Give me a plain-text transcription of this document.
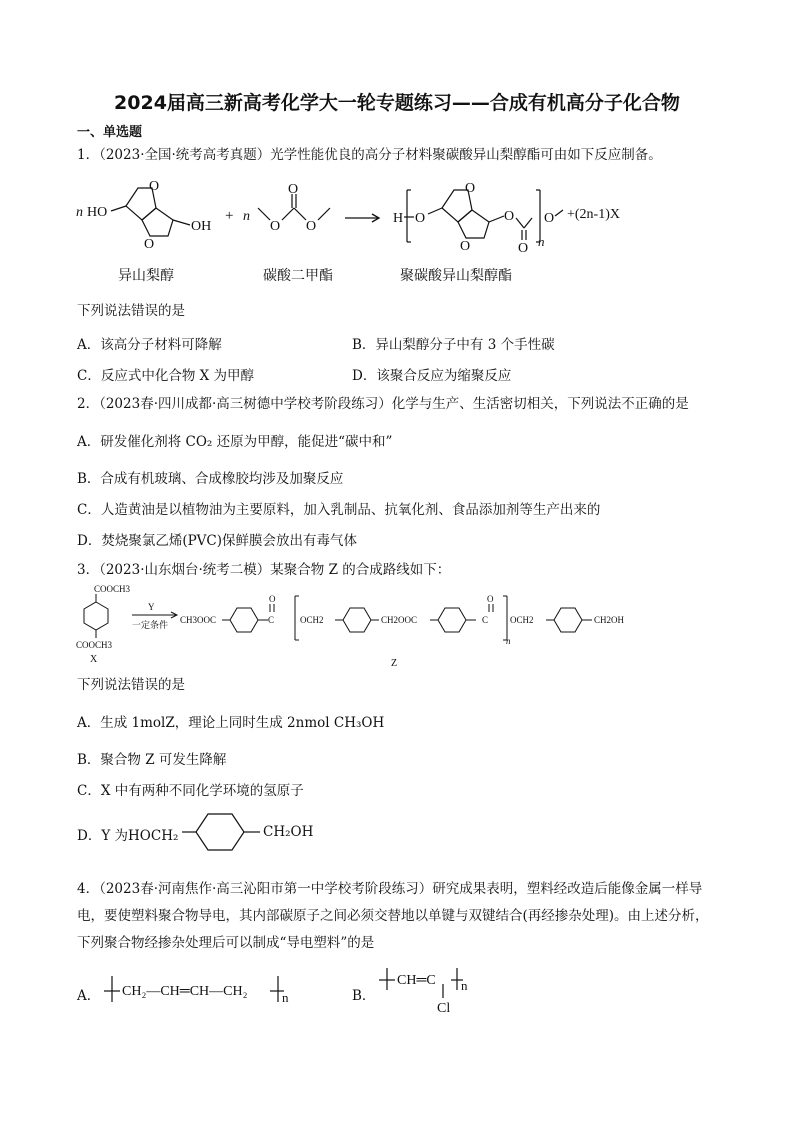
2024届高三新高考化学大一轮专题练习——合成有机高分子化合物
一、单选题
1．（2023·全国·统考高考真题）光学性能优良的高分子材料聚碳酸异山梨醇酯可由如下反应制备。
n HO
O
O
OH
+ n
O
O
O
H O
O
O
O
O
O
n
+(2n-1)X
异山梨醇	碳酸二甲酯	聚碳酸异山梨醇酯
下列说法错误的是
A．该高分子材料可降解	B．异山梨醇分子中有 3 个手性碳
C．反应式中化合物 X 为甲醇	D．该聚合反应为缩聚反应
2．（2023春·四川成都·高三树德中学校考阶段练习）化学与生产、生活密切相关，下列说法不正确的是
A．研发催化剂将 CO₂ 还原为甲醇，能促进“碳中和”
B．合成有机玻璃、合成橡胶均涉及加聚反应
C．人造黄油是以植物油为主要原料，加入乳制品、抗氧化剂、食品添加剂等生产出来的
D．焚烧聚氯乙烯(PVC)保鲜膜会放出有毒气体
3．（2023·山东烟台·统考二模）某聚合物 Z 的合成路线如下：
COOCH3
COOCH3
X
Y
一定条件 CH3OOC	C
O
OCH2	CH2OOC	C
O
OCH2
n
CH2OH
Z
下列说法错误的是
A．生成 1molZ，理论上同时生成 2nmol CH₃OH
B．聚合物 Z 可发生降解
C．X 中有两种不同化学环境的氢原子
D．Y 为HOCH₂	CH₂OH
4．（2023春·河南焦作·高三沁阳市第一中学校考阶段练习）研究成果表明，塑料经改造后能像金属一样导
电，要使塑料聚合物导电，其内部碳原子之间必须交替地以单键与双键结合(再经掺杂处理)。由上述分析，
下列聚合物经掺杂处理后可以制成“导电塑料”的是
A． CH₂—CH═CH—CH₂	n	B．
CH═C n
Cl
